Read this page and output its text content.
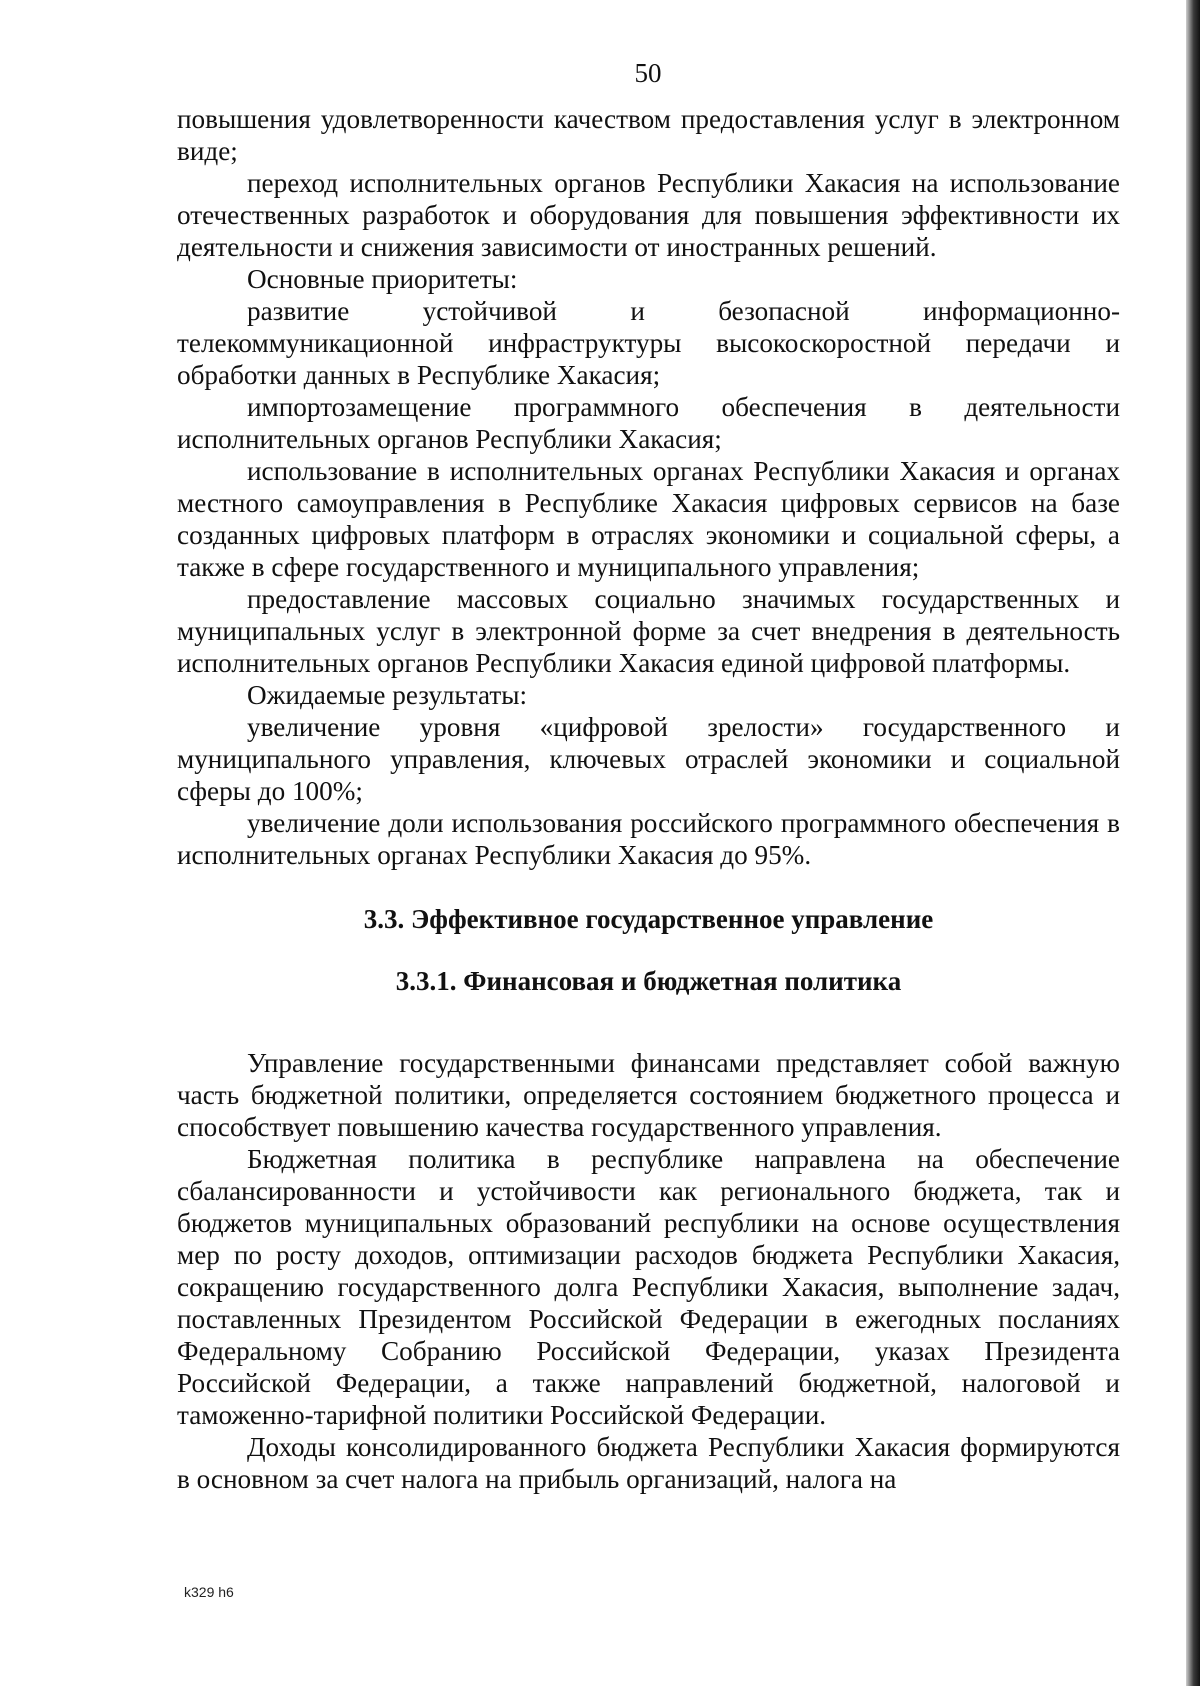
50

повышения удовлетворенности качеством предоставления услуг в электронном виде;

переход исполнительных органов Республики Хакасия на использование отечественных разработок и оборудования для повышения эффективности их деятельности и снижения зависимости от иностранных решений.

Основные приоритеты:

развитие устойчивой и безопасной информационно-телекоммуникационной инфраструктуры высокоскоростной передачи и обработки данных в Республике Хакасия;

импортозамещение программного обеспечения в деятельности исполнительных органов Республики Хакасия;

использование в исполнительных органах Республики Хакасия и органах местного самоуправления в Республике Хакасия цифровых сервисов на базе созданных цифровых платформ в отраслях экономики и социальной сферы, а также в сфере государственного и муниципального управления;

предоставление массовых социально значимых государственных и муниципальных услуг в электронной форме за счет внедрения в деятельность исполнительных органов Республики Хакасия единой цифровой платформы.

Ожидаемые результаты:

увеличение уровня «цифровой зрелости» государственного и муниципального управления, ключевых отраслей экономики и социальной сферы до 100%;

увеличение доли использования российского программного обеспечения в исполнительных органах Республики Хакасия до 95%.

3.3. Эффективное государственное управление
3.3.1. Финансовая и бюджетная политика

Управление государственными финансами представляет собой важную часть бюджетной политики, определяется состоянием бюджетного процесса и способствует повышению качества государственного управления.

Бюджетная политика в республике направлена на обеспечение сбалансированности и устойчивости как регионального бюджета, так и бюджетов муниципальных образований республики на основе осуществления мер по росту доходов, оптимизации расходов бюджета Республики Хакасия, сокращению государственного долга Республики Хакасия, выполнение задач, поставленных Президентом Российской Федерации в ежегодных посланиях Федеральному Собранию Российской Федерации, указах Президента Российской Федерации, а также направлений бюджетной, налоговой и таможенно-тарифной политики Российской Федерации.

Доходы консолидированного бюджета Республики Хакасия формируются в основном за счет налога на прибыль организаций, налога на

k329 h6
